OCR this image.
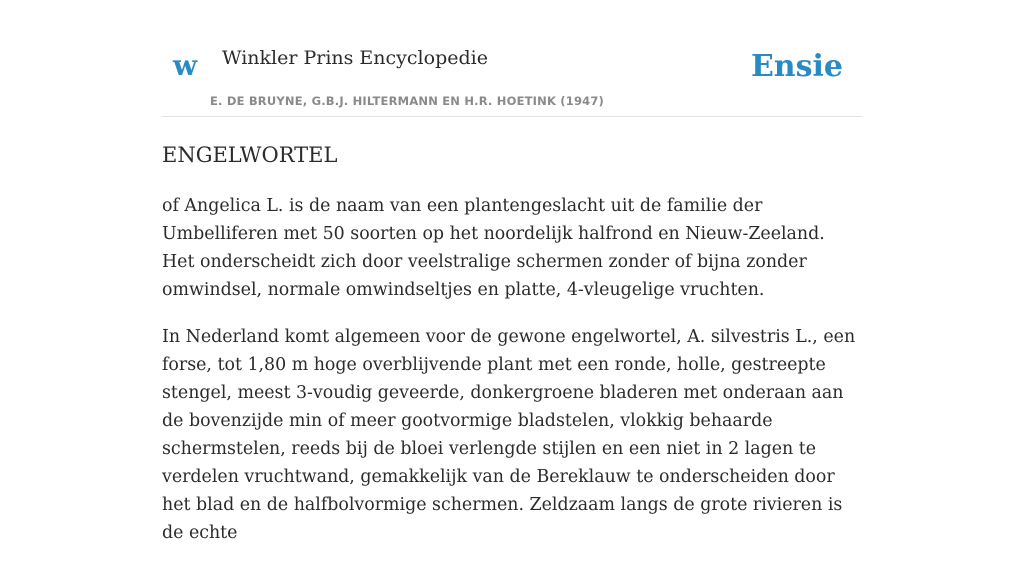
w Winkler Prins Encyclopedie
E. DE BRUYNE, G.B.J. HILTERMANN EN H.R. HOETINK (1947)
Ensie
ENGELWORTEL

of Angelica L. is de naam van een plantengeslacht uit de familie der Umbelliferen met 50 soorten op het noordelijk halfrond en Nieuw-Zeeland. Het onderscheidt zich door veelstralige schermen zonder of bijna zonder omwindsel, normale omwindseltjes en platte, 4-vleugelige vruchten.

In Nederland komt algemeen voor de gewone engelwortel, A. silvestris L., een forse, tot 1,80 m hoge overblijvende plant met een ronde, holle, gestreepte stengel, meest 3-voudig geveerde, donkergroene bladeren met onderaan aan de bovenzijde min of meer gootvormige bladstelen, vlokkig behaarde schermstelen, reeds bij de bloei verlengde stijlen en een niet in 2 lagen te verdelen vruchtwand, gemakkelijk van de Bereklauw te onderscheiden door het blad en de halfbolvormige schermen. Zeldzaam langs de grote rivieren is de echte
